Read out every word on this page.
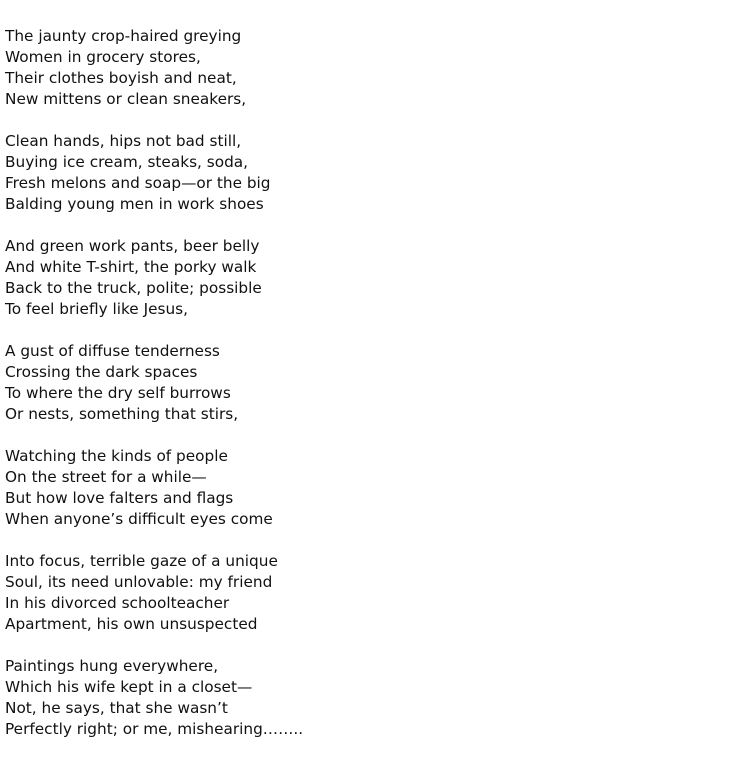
The jaunty crop-haired greying
Women in grocery stores,
Their clothes boyish and neat,
New mittens or clean sneakers,
Clean hands, hips not bad still,
Buying ice cream, steaks, soda,
Fresh melons and soap—or the big
Balding young men in work shoes
And green work pants, beer belly
And white T-shirt, the porky walk
Back to the truck, polite; possible
To feel briefly like Jesus,
A gust of diffuse tenderness
Crossing the dark spaces
To where the dry self burrows
Or nests, something that stirs,
Watching the kinds of people
On the street for a while—
But how love falters and flags
When anyone’s difficult eyes come
Into focus, terrible gaze of a unique
Soul, its need unlovable: my friend
In his divorced schoolteacher
Apartment, his own unsuspected
Paintings hung everywhere,
Which his wife kept in a closet—
Not, he says, that she wasn’t
Perfectly right; or me, mishearing……..
